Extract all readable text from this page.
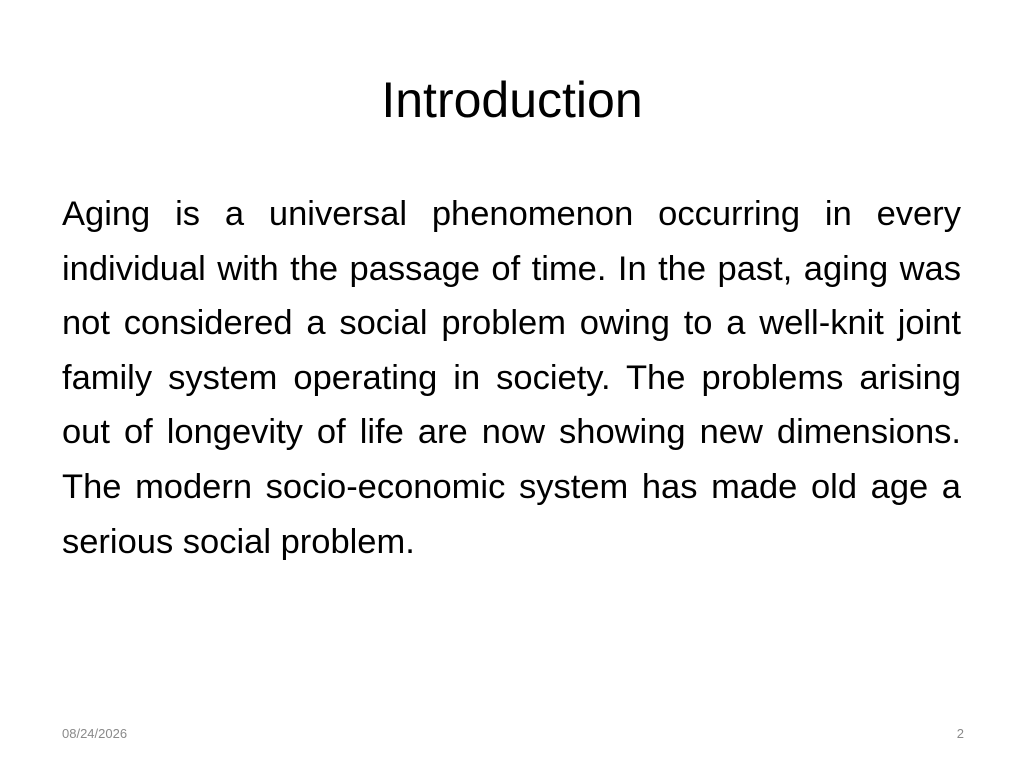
Introduction

Aging is a universal phenomenon occurring in every individual with the passage of time. In the past, aging was not considered a social problem owing to a well-knit joint family system operating in society. The problems arising out of longevity of life are now showing new dimensions. The modern socio-economic system has made old age a serious social problem.

08/24/2026	2
